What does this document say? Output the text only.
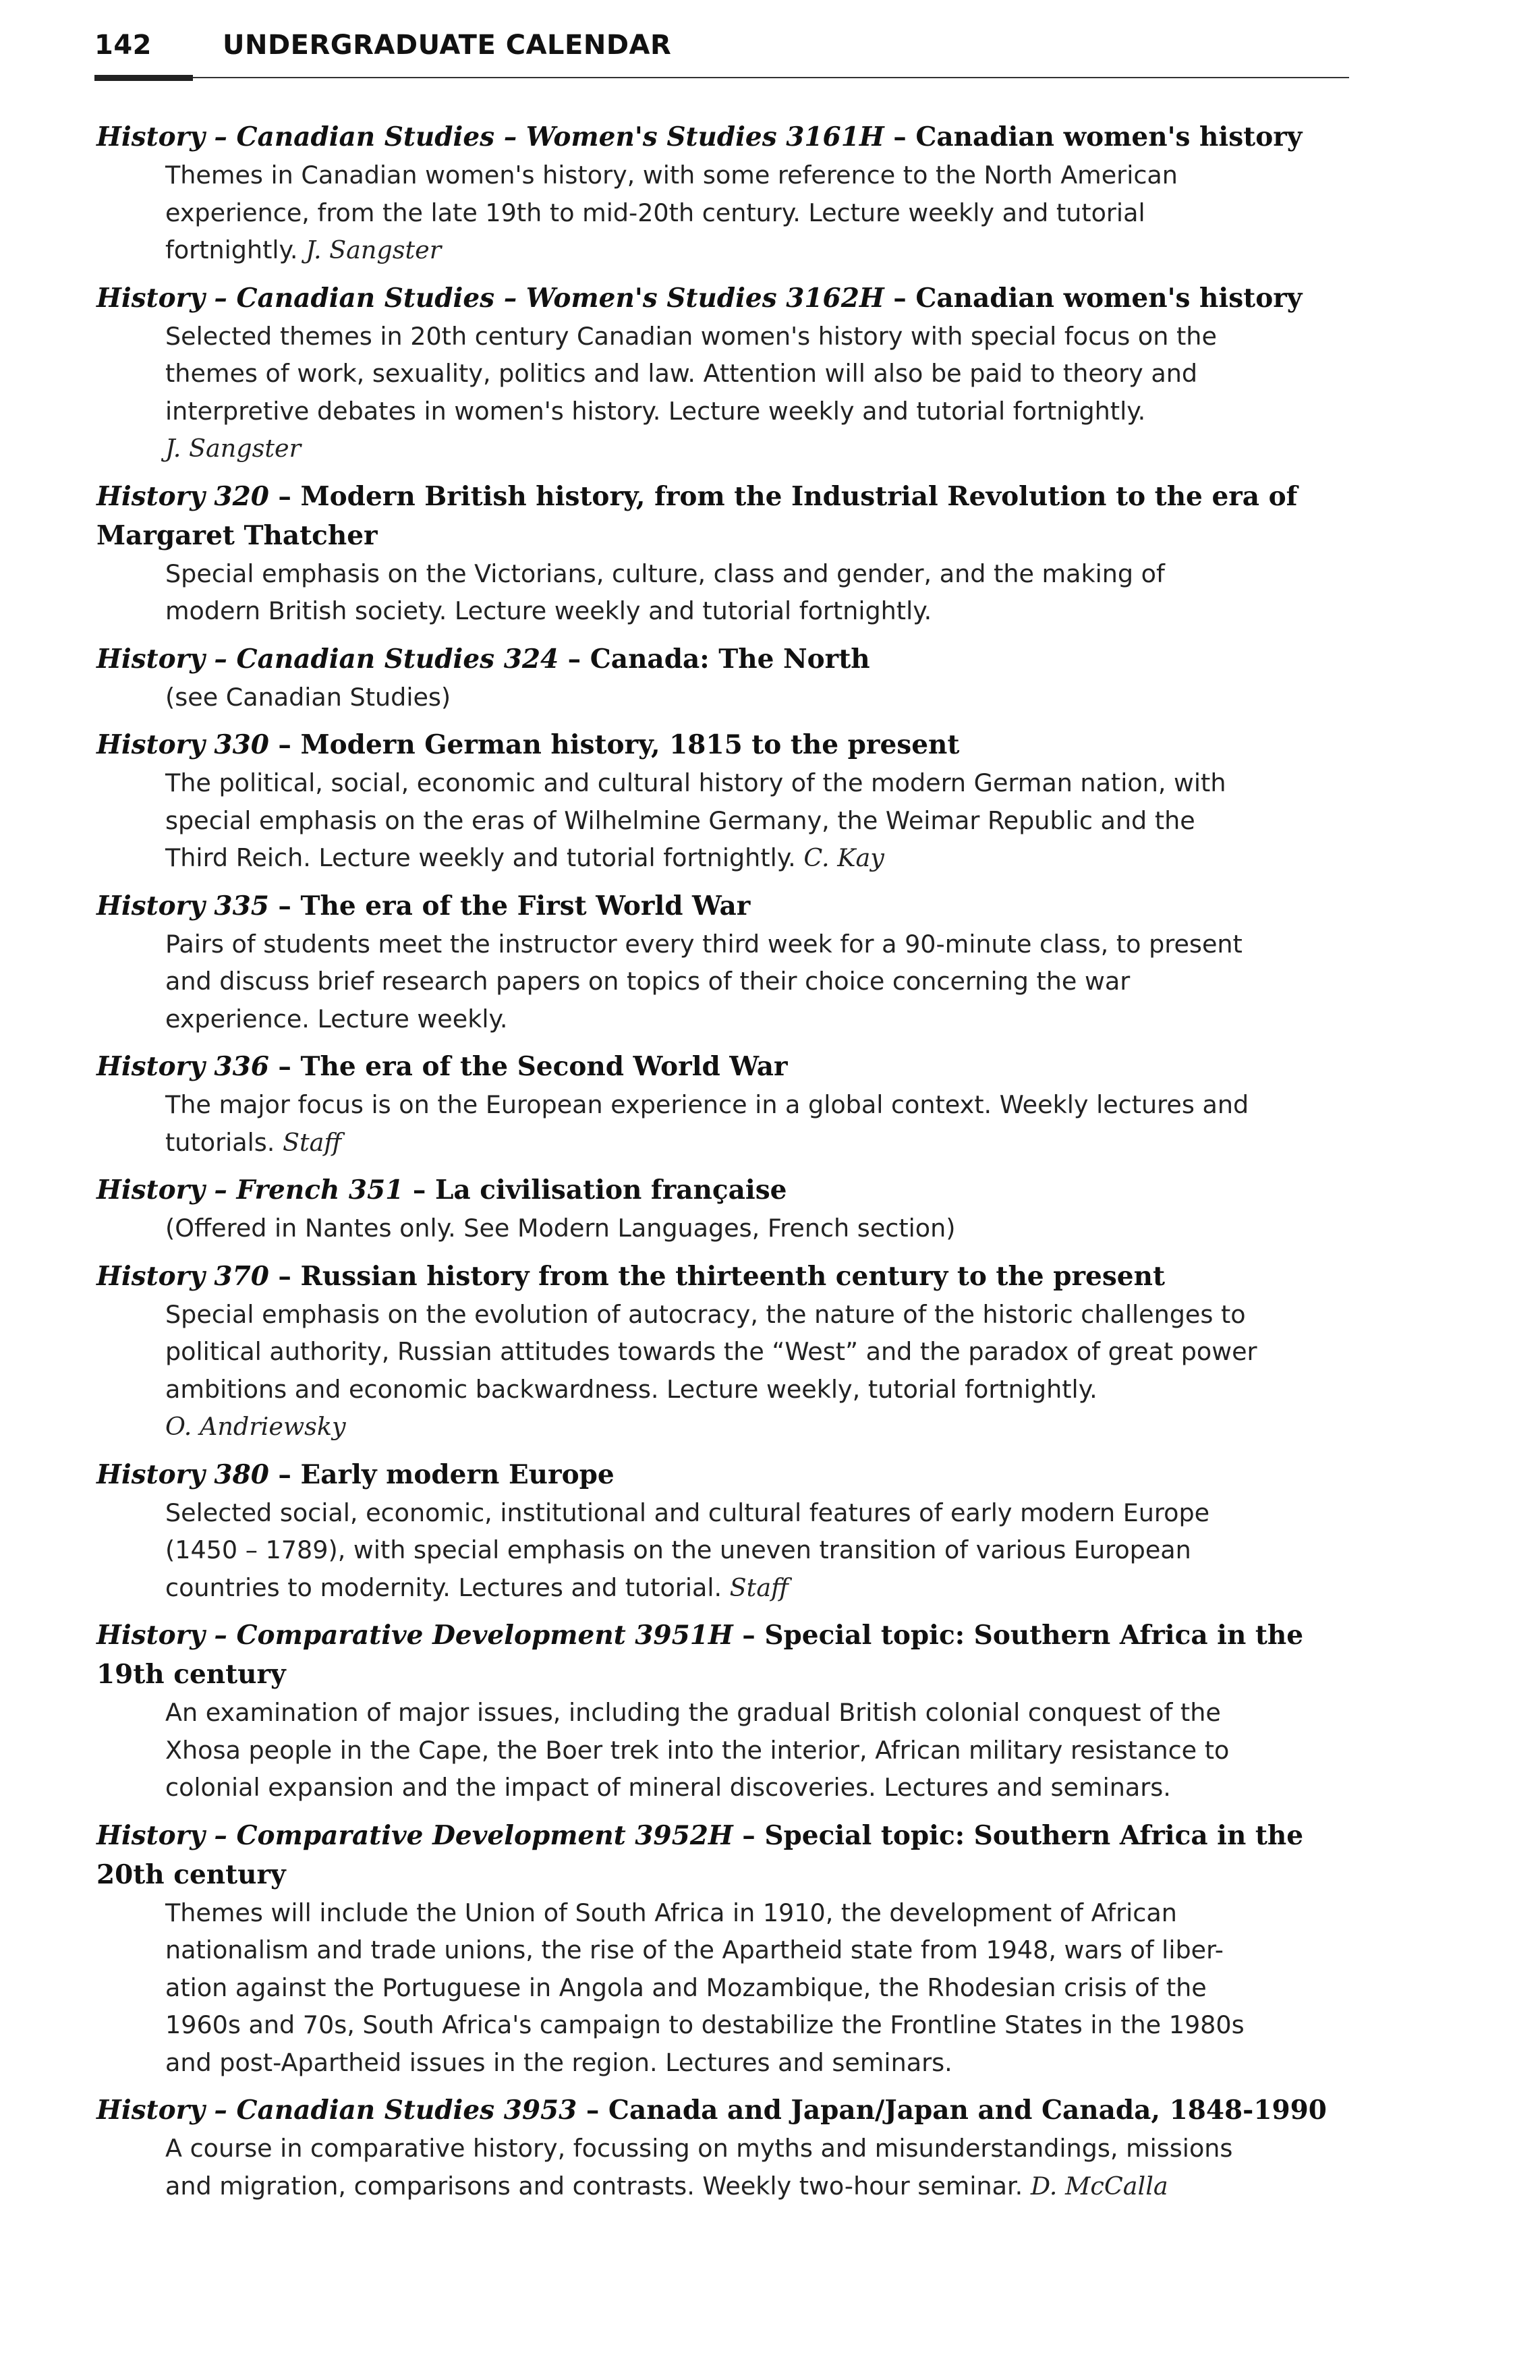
142	UNDERGRADUATE CALENDAR
History – Canadian Studies – Women's Studies 3161H – Canadian women's history
Themes in Canadian women's history, with some reference to the North American
experience, from the late 19th to mid-20th century. Lecture weekly and tutorial
fortnightly. J. Sangster
History – Canadian Studies – Women's Studies 3162H – Canadian women's history
Selected themes in 20th century Canadian women's history with special focus on the
themes of work, sexuality, politics and law. Attention will also be paid to theory and
interpretive debates in women's history. Lecture weekly and tutorial fortnightly.
J. Sangster
History 320 – Modern British history, from the Industrial Revolution to the era of Margaret Thatcher
Special emphasis on the Victorians, culture, class and gender, and the making of
modern British society. Lecture weekly and tutorial fortnightly.
History – Canadian Studies 324 – Canada: The North
(see Canadian Studies)
History 330 – Modern German history, 1815 to the present
The political, social, economic and cultural history of the modern German nation, with
special emphasis on the eras of Wilhelmine Germany, the Weimar Republic and the
Third Reich. Lecture weekly and tutorial fortnightly. C. Kay
History 335 – The era of the First World War
Pairs of students meet the instructor every third week for a 90-minute class, to present
and discuss brief research papers on topics of their choice concerning the war
experience. Lecture weekly.
History 336 – The era of the Second World War
The major focus is on the European experience in a global context. Weekly lectures and
tutorials. Staff
History – French 351 – La civilisation française
(Offered in Nantes only. See Modern Languages, French section)
History 370 – Russian history from the thirteenth century to the present
Special emphasis on the evolution of autocracy, the nature of the historic challenges to
political authority, Russian attitudes towards the “West” and the paradox of great power
ambitions and economic backwardness. Lecture weekly, tutorial fortnightly.
O. Andriewsky
History 380 – Early modern Europe
Selected social, economic, institutional and cultural features of early modern Europe
(1450 – 1789), with special emphasis on the uneven transition of various European
countries to modernity. Lectures and tutorial. Staff
History – Comparative Development 3951H – Special topic: Southern Africa in the 19th century
An examination of major issues, including the gradual British colonial conquest of the
Xhosa people in the Cape, the Boer trek into the interior, African military resistance to
colonial expansion and the impact of mineral discoveries. Lectures and seminars.
History – Comparative Development 3952H – Special topic: Southern Africa in the 20th century
Themes will include the Union of South Africa in 1910, the development of African
nationalism and trade unions, the rise of the Apartheid state from 1948, wars of liber-
ation against the Portuguese in Angola and Mozambique, the Rhodesian crisis of the
1960s and 70s, South Africa's campaign to destabilize the Frontline States in the 1980s
and post-Apartheid issues in the region. Lectures and seminars.
History – Canadian Studies 3953 – Canada and Japan/Japan and Canada, 1848-1990
A course in comparative history, focussing on myths and misunderstandings, missions
and migration, comparisons and contrasts. Weekly two-hour seminar. D. McCalla
